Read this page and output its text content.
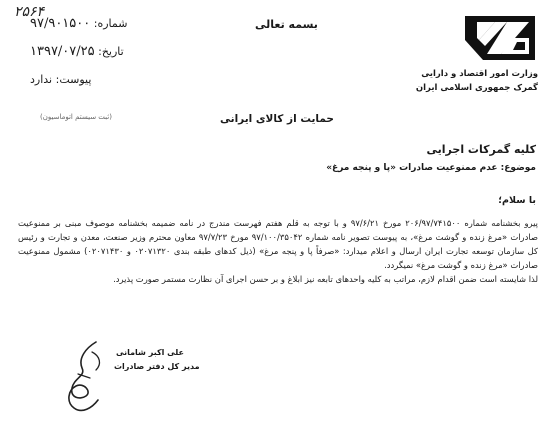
۲۵۶۴
شماره: ۹۷/۹۰۱۵۰۰
تاریخ: ۱۳۹۷/۰۷/۲۵
پیوست: ندارد
(ثبت سیستم اتوماسیون)
بسمه تعالی
وزارت امور اقتصاد و دارایی
گمرک جمهوری اسلامی ایران
حمایت از کالای ایرانی
کلیه گمرکات اجرایی
موضوع: عدم ممنوعیت صادرات «پا و پنجه مرغ»
با سلام؛

پیرو بخشنامه شماره ۲۰۶/۹۷/۷۴۱۵۰۰ مورخ ۹۷/۶/۲۱ و با توجه به قلم هفتم فهرست مندرج در نامه ضمیمه بخشنامه موصوف مبنی بر ممنوعیت صادرات «مرغ زنده و گوشت مرغ»، به پیوست تصویر نامه شماره ۹۷/۱۰۰/۳۵۰۴۲ مورخ ۹۷/۷/۲۳ معاون محترم وزیر صنعت، معدن و تجارت و رئیس کل سازمان توسعه تجارت ایران ارسال و اعلام میدارد: «صرفاً پا و پنجه مرغ» (ذیل کدهای طبقه بندی ۰۲۰۷۱۳۲۰ و ۰۲۰۷۱۴۳۰) مشمول ممنوعیت صادرات «مرغ زنده و گوشت مرغ» نمیگردد.

لذا شایسته است ضمن اقدام لازم، مراتب به کلیه واحدهای تابعه نیز ابلاغ و بر حسن اجرای آن نظارت مستمر صورت پذیرد.

علی اکبر شامانی
مدیر کل دفتر صادرات
